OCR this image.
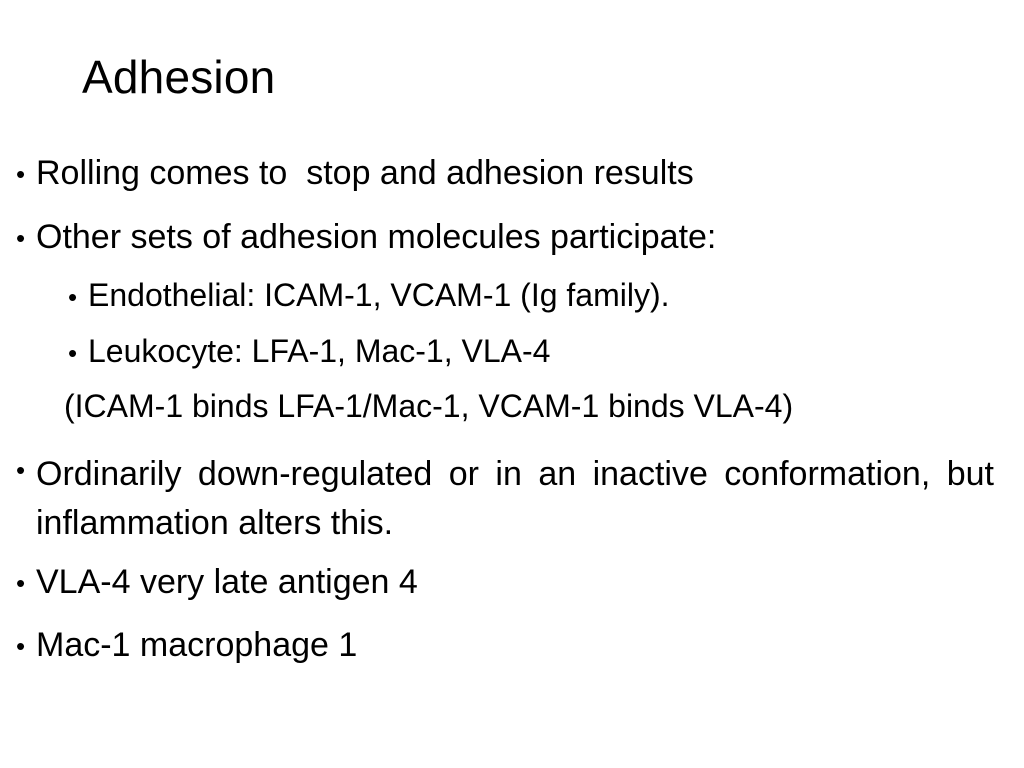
Adhesion
• Rolling comes to  stop and adhesion results
• Other sets of adhesion molecules participate:
• Endothelial: ICAM-1, VCAM-1 (Ig family).
• Leukocyte: LFA-1, Mac-1, VLA-4
(ICAM-1 binds LFA-1/Mac-1, VCAM-1 binds VLA-4)
• Ordinarily down-regulated or in an inactive conformation, but inflammation alters this.
• VLA-4 very late antigen 4
• Mac-1 macrophage 1
